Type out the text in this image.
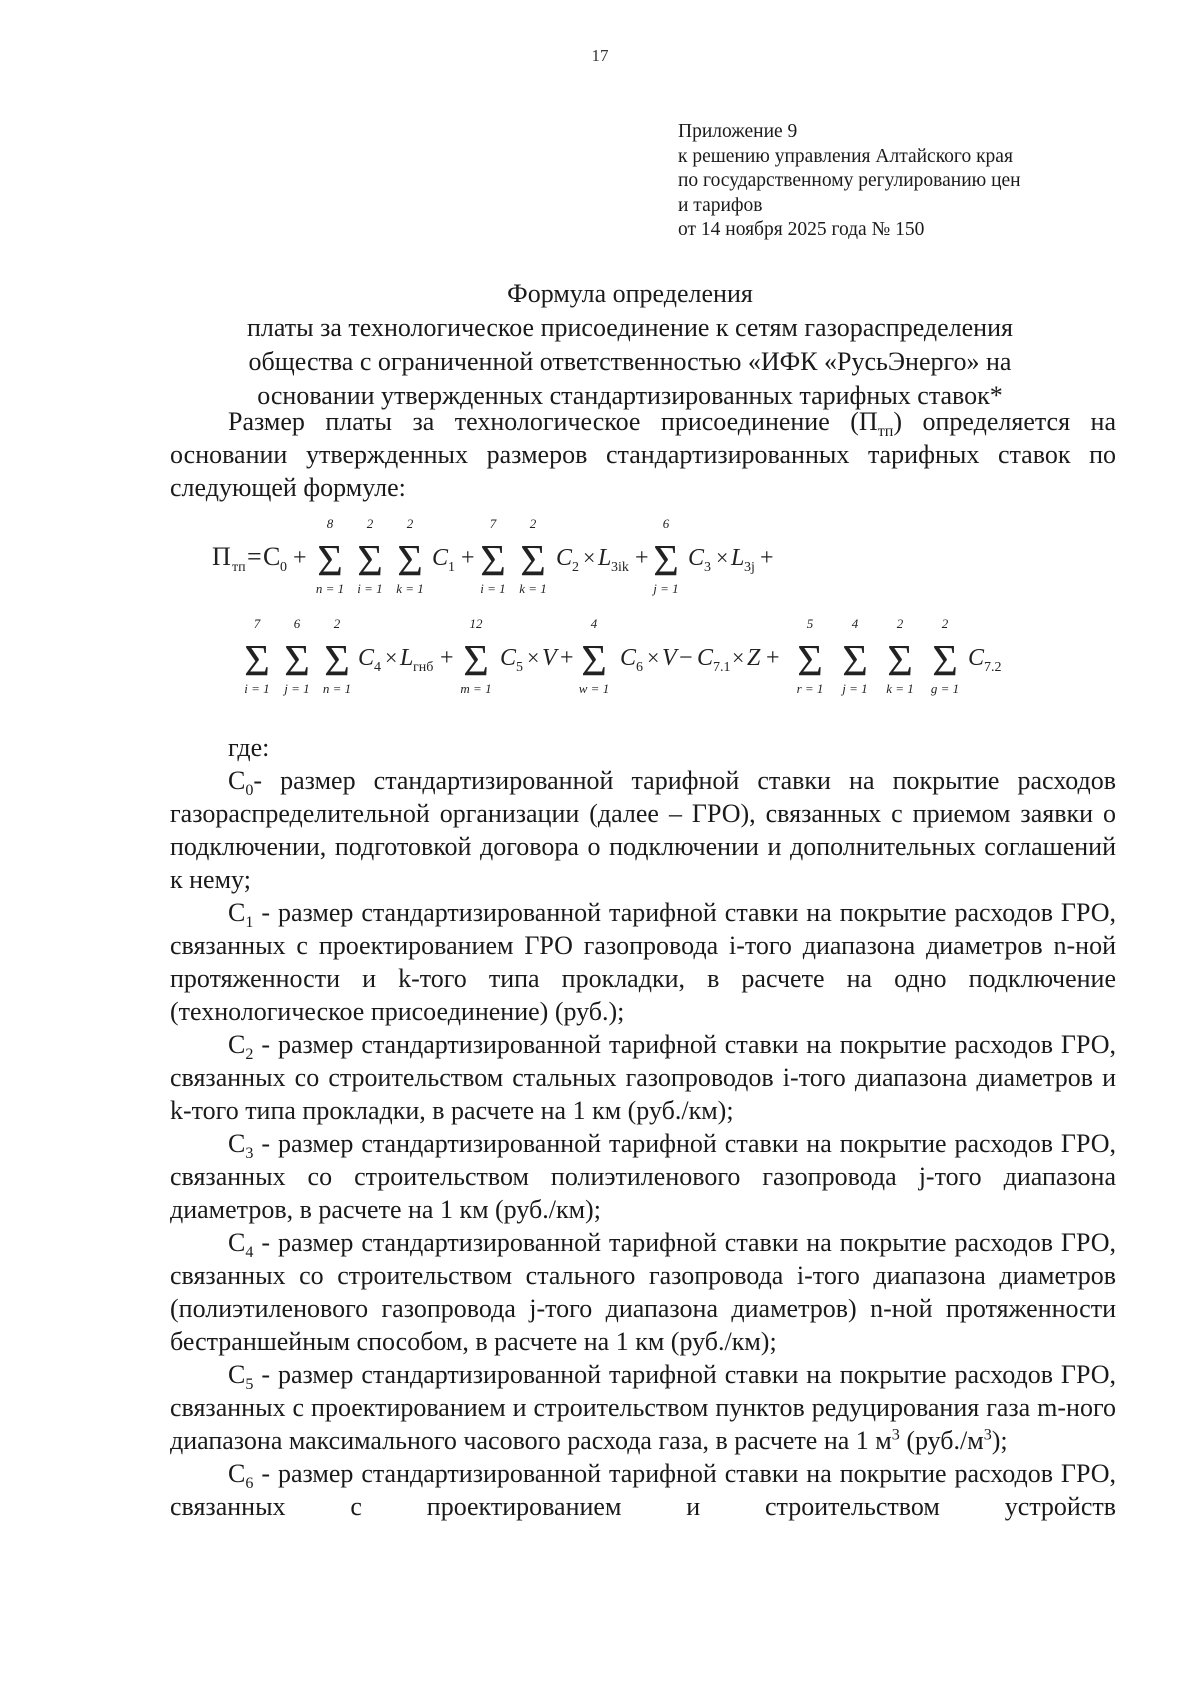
17
Приложение 9
к решению управления Алтайского края
по государственному регулированию цен
и тарифов
от 14 ноября 2025 года № 150
Формула определения
платы за технологическое присоединение к сетям газораспределения
общества с ограниченной ответственностью «ИФК «РусьЭнерго» на
основании утвержденных стандартизированных тарифных ставок*
Размер платы за технологическое присоединение $(П_{тп})$ определяется на основании утвержденных размеров стандартизированных тарифных ставок по следующей формуле:
П тп = C 0 +
8
Σ
n = 1
2
Σ
i = 1
2
Σ
k = 1
C 1 +
7
Σ
i = 1
2
Σ
k = 1
C 2 × L 3ik +
6
Σ
j = 1
C 3 × L 3j +
7
Σ
i = 1
6
Σ
j = 1
2
Σ
n = 1
C 4 × L гнб +
12
Σ
m = 1
C 5 × V +
4
Σ
w = 1
C 6 × V − C 7.1 × Z +
5
Σ
r = 1
4
Σ
j = 1
2
Σ
k = 1
2
Σ
g = 1
C 7.2
где:
$С_0-$ размер стандартизированной тарифной ставки на покрытие расходов газораспределительной организации (далее – ГРО), связанных с приемом заявки о подключении, подготовкой договора о подключении и дополнительных соглашений к нему;
$С_1$ - размер стандартизированной тарифной ставки на покрытие расходов ГРО, связанных с проектированием ГРО газопровода i-того диапазона диаметров n-ной протяженности и k-того типа прокладки, в расчете на одно подключение (технологическое присоединение) (руб.);
$С_2$ - размер стандартизированной тарифной ставки на покрытие расходов ГРО, связанных со строительством стальных газопроводов i-того диапазона диаметров и k-того типа прокладки, в расчете на 1 км (руб./км);
$С_3$ - размер стандартизированной тарифной ставки на покрытие расходов ГРО, связанных со строительством полиэтиленового газопровода j-того диапазона диаметров, в расчете на 1 км (руб./км);
$С_4$ - размер стандартизированной тарифной ставки на покрытие расходов ГРО, связанных со строительством стального газопровода i-того диапазона диаметров (полиэтиленового газопровода j-того диапазона диаметров) n-ной протяженности бестраншейным способом, в расчете на 1 км (руб./км);
$С_5$ - размер стандартизированной тарифной ставки на покрытие расходов ГРО, связанных с проектированием и строительством пунктов редуцирования газа m-ного диапазона максимального часового расхода газа, в расчете на 1 $м^3$ $(руб./м^3)$;
$С_6$ - размер стандартизированной тарифной ставки на покрытие расходов ГРО, связанных с проектированием и строительством устройств
